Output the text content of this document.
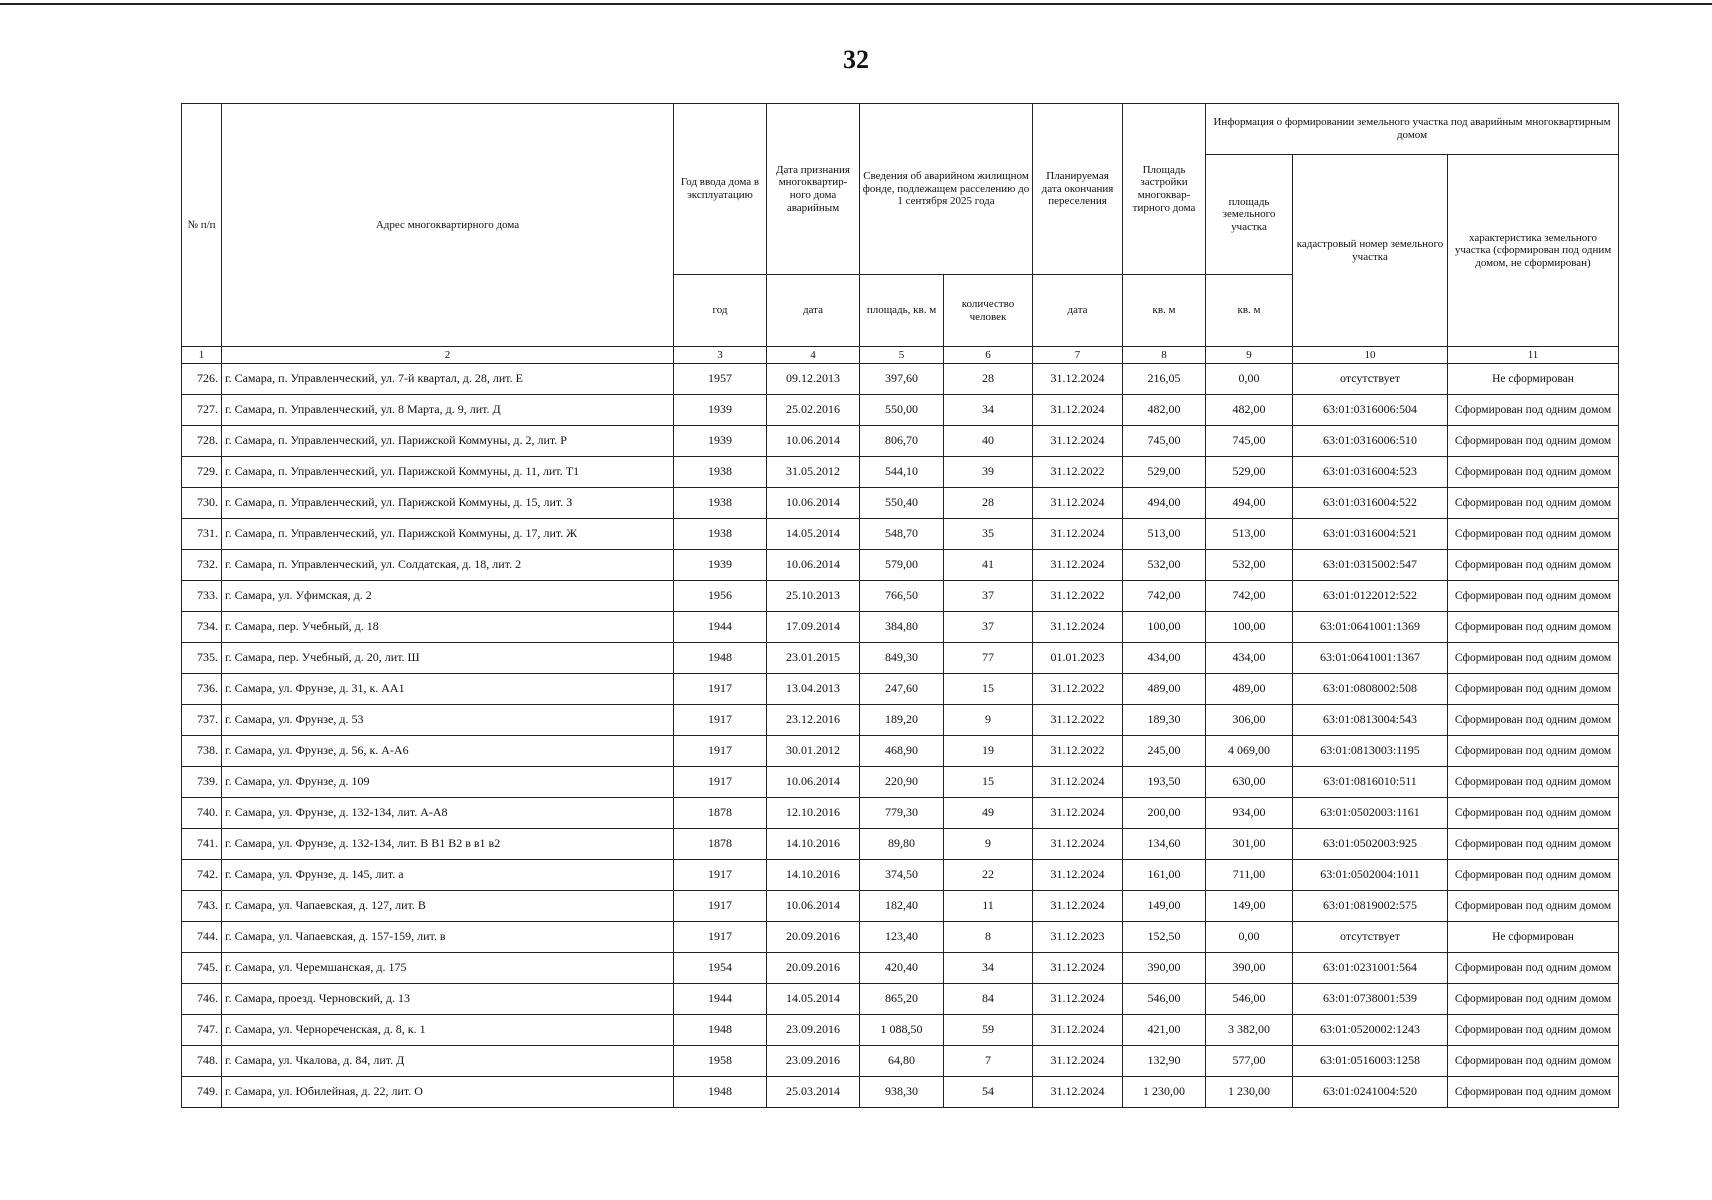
32
№ п/п	Адрес многоквартирного дома	Год ввода дома в эксплуатацию	Дата признания многоквартир-ного дома аварийным	Сведения об аварийном жилищном фонде, подлежащем расселению до 1 сентября 2025 года		Планируемая дата окончания переселения	Площадь застройки многоквар-тирного дома	Информация о формировании земельного участка под аварийным многоквартирным домом		
								площадь земельного участка	кадастровый номер земельного участка	характеристика земельного участка (сформирован под одним домом, не сформирован)
		год	дата	площадь, кв. м	количество человек	дата	кв. м	кв. м		
1	2	3	4	5	6	7	8	9	10	11
726.	г. Самара, п. Управленческий, ул. 7-й квартал, д. 28, лит. Е	1957	09.12.2013	397,60	28	31.12.2024	216,05	0,00	отсутствует	Не сформирован
727.	г. Самара, п. Управленческий, ул. 8 Марта, д. 9, лит. Д	1939	25.02.2016	550,00	34	31.12.2024	482,00	482,00	63:01:0316006:504	Сформирован под одним домом
728.	г. Самара, п. Управленческий, ул. Парижской Коммуны, д. 2, лит. Р	1939	10.06.2014	806,70	40	31.12.2024	745,00	745,00	63:01:0316006:510	Сформирован под одним домом
729.	г. Самара, п. Управленческий, ул. Парижской Коммуны, д. 11, лит. Т1	1938	31.05.2012	544,10	39	31.12.2022	529,00	529,00	63:01:0316004:523	Сформирован под одним домом
730.	г. Самара, п. Управленческий, ул. Парижской Коммуны, д. 15, лит. З	1938	10.06.2014	550,40	28	31.12.2024	494,00	494,00	63:01:0316004:522	Сформирован под одним домом
731.	г. Самара, п. Управленческий, ул. Парижской Коммуны, д. 17, лит. Ж	1938	14.05.2014	548,70	35	31.12.2024	513,00	513,00	63:01:0316004:521	Сформирован под одним домом
732.	г. Самара, п. Управленческий, ул. Солдатская, д. 18, лит. 2	1939	10.06.2014	579,00	41	31.12.2024	532,00	532,00	63:01:0315002:547	Сформирован под одним домом
733.	г. Самара, ул. Уфимская, д. 2	1956	25.10.2013	766,50	37	31.12.2022	742,00	742,00	63:01:0122012:522	Сформирован под одним домом
734.	г. Самара, пер. Учебный, д. 18	1944	17.09.2014	384,80	37	31.12.2024	100,00	100,00	63:01:0641001:1369	Сформирован под одним домом
735.	г. Самара, пер. Учебный, д. 20, лит. Ш	1948	23.01.2015	849,30	77	01.01.2023	434,00	434,00	63:01:0641001:1367	Сформирован под одним домом
736.	г. Самара, ул. Фрунзе, д. 31, к. АА1	1917	13.04.2013	247,60	15	31.12.2022	489,00	489,00	63:01:0808002:508	Сформирован под одним домом
737.	г. Самара, ул. Фрунзе, д. 53	1917	23.12.2016	189,20	9	31.12.2022	189,30	306,00	63:01:0813004:543	Сформирован под одним домом
738.	г. Самара, ул. Фрунзе, д. 56, к. А-А6	1917	30.01.2012	468,90	19	31.12.2022	245,00	4 069,00	63:01:0813003:1195	Сформирован под одним домом
739.	г. Самара, ул. Фрунзе, д. 109	1917	10.06.2014	220,90	15	31.12.2024	193,50	630,00	63:01:0816010:511	Сформирован под одним домом
740.	г. Самара, ул. Фрунзе, д. 132-134, лит. А-А8	1878	12.10.2016	779,30	49	31.12.2024	200,00	934,00	63:01:0502003:1161	Сформирован под одним домом
741.	г. Самара, ул. Фрунзе, д. 132-134, лит. В В1 В2 в в1 в2	1878	14.10.2016	89,80	9	31.12.2024	134,60	301,00	63:01:0502003:925	Сформирован под одним домом
742.	г. Самара, ул. Фрунзе, д. 145, лит. а	1917	14.10.2016	374,50	22	31.12.2024	161,00	711,00	63:01:0502004:1011	Сформирован под одним домом
743.	г. Самара, ул. Чапаевская, д. 127, лит. В	1917	10.06.2014	182,40	11	31.12.2024	149,00	149,00	63:01:0819002:575	Сформирован под одним домом
744.	г. Самара, ул. Чапаевская, д. 157-159, лит. в	1917	20.09.2016	123,40	8	31.12.2023	152,50	0,00	отсутствует	Не сформирован
745.	г. Самара, ул. Черемшанская, д. 175	1954	20.09.2016	420,40	34	31.12.2024	390,00	390,00	63:01:0231001:564	Сформирован под одним домом
746.	г. Самара, проезд. Черновский, д. 13	1944	14.05.2014	865,20	84	31.12.2024	546,00	546,00	63:01:0738001:539	Сформирован под одним домом
747.	г. Самара, ул. Чернореченская, д. 8, к. 1	1948	23.09.2016	1 088,50	59	31.12.2024	421,00	3 382,00	63:01:0520002:1243	Сформирован под одним домом
748.	г. Самара, ул. Чкалова, д. 84, лит. Д	1958	23.09.2016	64,80	7	31.12.2024	132,90	577,00	63:01:0516003:1258	Сформирован под одним домом
749.	г. Самара, ул. Юбилейная, д. 22, лит. О	1948	25.03.2014	938,30	54	31.12.2024	1 230,00	1 230,00	63:01:0241004:520	Сформирован под одним домом
